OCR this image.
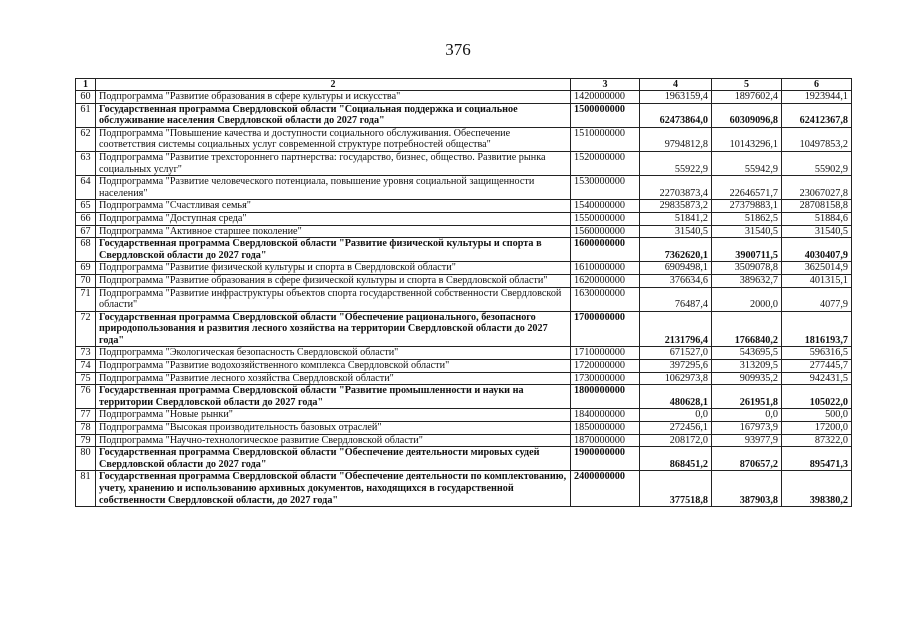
376
1	2	3	4	5	6
60	Подпрограмма "Развитие образования в сфере культуры и искусства"	1420000000	1963159,4	1897602,4	1923944,1
61	Государственная программа Свердловской области "Социальная поддержка и социальное обслуживание населения Свердловской области до 2027 года"	1500000000	62473864,0	60309096,8	62412367,8
62	Подпрограмма "Повышение качества и доступности социального обслуживания. Обеспечение соответствия системы социальных услуг современной структуре потребностей общества"	1510000000	9794812,8	10143296,1	10497853,2
63	Подпрограмма "Развитие трехстороннего партнерства: государство, бизнес, общество. Развитие рынка социальных услуг"	1520000000	55922,9	55942,9	55902,9
64	Подпрограмма "Развитие человеческого потенциала, повышение уровня социальной защищенности населения"	1530000000	22703873,4	22646571,7	23067027,8
65	Подпрограмма "Счастливая семья"	1540000000	29835873,2	27379883,1	28708158,8
66	Подпрограмма "Доступная среда"	1550000000	51841,2	51862,5	51884,6
67	Подпрограмма "Активное старшее поколение"	1560000000	31540,5	31540,5	31540,5
68	Государственная программа Свердловской области "Развитие физической культуры и спорта в Свердловской области до 2027 года"	1600000000	7362620,1	3900711,5	4030407,9
69	Подпрограмма "Развитие физической культуры и спорта в Свердловской области"	1610000000	6909498,1	3509078,8	3625014,9
70	Подпрограмма "Развитие образования в сфере физической культуры и спорта в Свердловской области"	1620000000	376634,6	389632,7	401315,1
71	Подпрограмма "Развитие инфраструктуры объектов спорта государственной собственности Свердловской области"	1630000000	76487,4	2000,0	4077,9
72	Государственная программа Свердловской области "Обеспечение рационального, безопасного природопользования и развития лесного хозяйства на территории Свердловской области до 2027 года"	1700000000	2131796,4	1766840,2	1816193,7
73	Подпрограмма "Экологическая безопасность Свердловской области"	1710000000	671527,0	543695,5	596316,5
74	Подпрограмма "Развитие водохозяйственного комплекса Свердловской области"	1720000000	397295,6	313209,5	277445,7
75	Подпрограмма "Развитие лесного хозяйства Свердловской области"	1730000000	1062973,8	909935,2	942431,5
76	Государственная программа Свердловской области "Развитие промышленности и науки на территории Свердловской области до 2027 года"	1800000000	480628,1	261951,8	105022,0
77	Подпрограмма "Новые рынки"	1840000000	0,0	0,0	500,0
78	Подпрограмма "Высокая производительность базовых отраслей"	1850000000	272456,1	167973,9	17200,0
79	Подпрограмма "Научно-технологическое развитие Свердловской области"	1870000000	208172,0	93977,9	87322,0
80	Государственная программа Свердловской области "Обеспечение деятельности мировых судей Свердловской области до 2027 года"	1900000000	868451,2	870657,2	895471,3
81	Государственная программа Свердловской области "Обеспечение деятельности по комплектованию, учету, хранению и использованию архивных документов, находящихся в государственной собственности Свердловской области, до 2027 года"	2400000000	377518,8	387903,8	398380,2
